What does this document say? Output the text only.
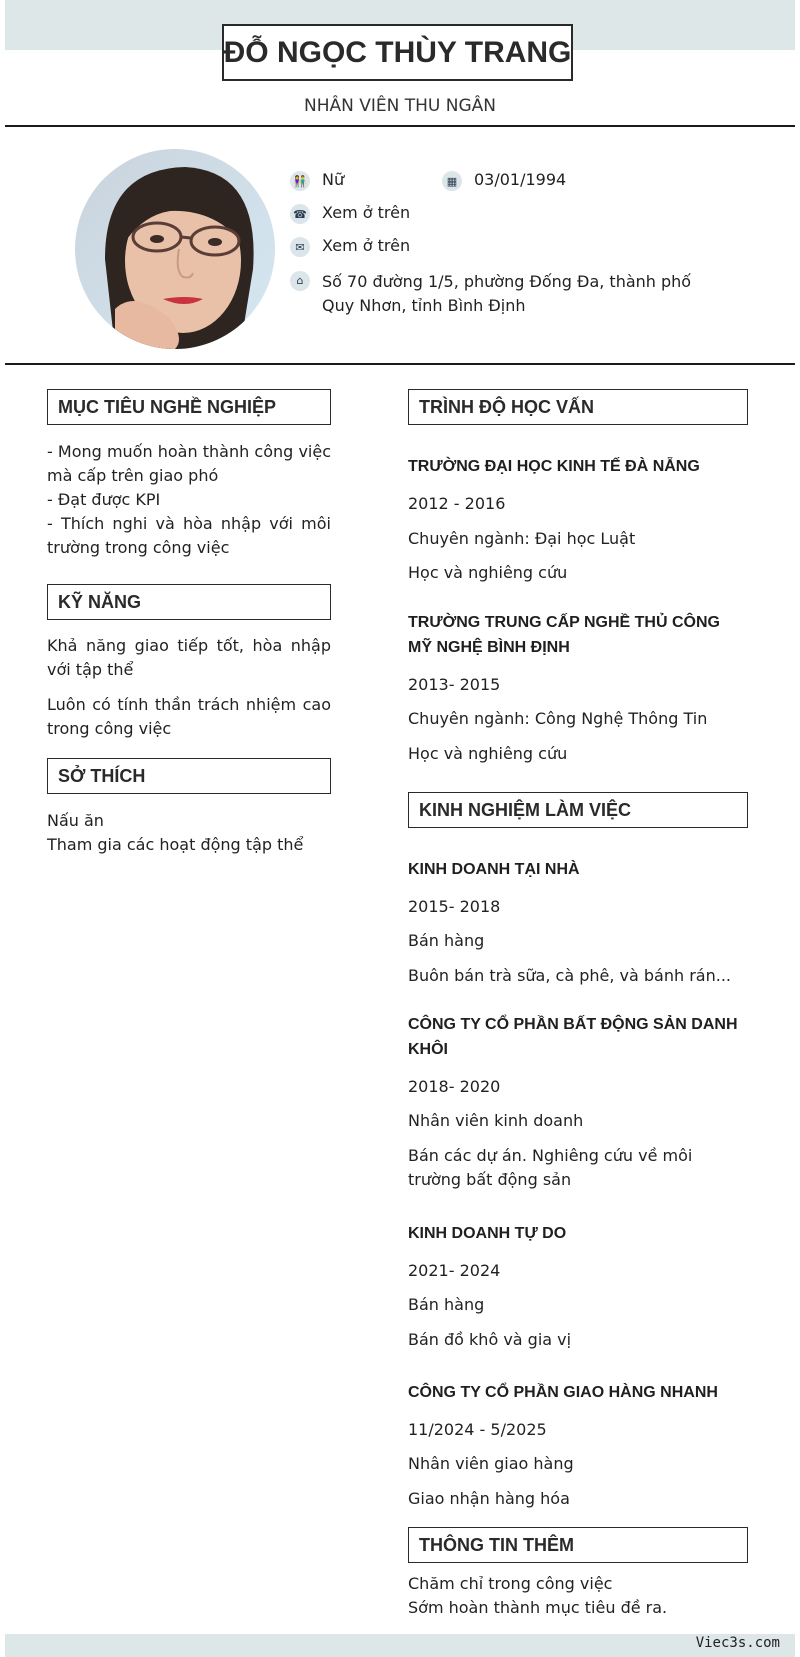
ĐỖ NGỌC THÙY TRANG
NHÂN VIÊN THU NGÂN
👫 Nữ	▦ 03/01/1994
☎ Xem ở trên
✉	Xem ở trên
⌂	Số 70 đường 1/5, phường Đống Đa, thành phố
Quy Nhơn, tỉnh Bình Định
MỤC TIÊU NGHỀ NGHIỆP
- Mong muốn hoàn thành công việc mà cấp trên giao phó
- Đạt được KPI
- Thích nghi và hòa nhập với môi trường trong công việc
KỸ NĂNG
Khả năng giao tiếp tốt, hòa nhập với tập thể
Luôn có tính thần trách nhiệm cao trong công việc
SỞ THÍCH
Nấu ăn
Tham gia các hoạt động tập thể
TRÌNH ĐỘ HỌC VẤN
TRƯỜNG ĐẠI HỌC KINH TẾ ĐÀ NẴNG
2012 - 2016
Chuyên ngành: Đại học Luật
Học và nghiêng cứu
TRƯỜNG TRUNG CẤP NGHỀ THỦ CÔNG MỸ NGHỆ BÌNH ĐỊNH
2013- 2015
Chuyên ngành: Công Nghệ Thông Tin
Học và nghiêng cứu
KINH NGHIỆM LÀM VIỆC
KINH DOANH TẠI NHÀ
2015- 2018
Bán hàng
Buôn bán trà sữa, cà phê, và bánh rán...
CÔNG TY CỔ PHẦN BẤT ĐỘNG SẢN DANH KHÔI
2018- 2020
Nhân viên kinh doanh
Bán các dự án. Nghiêng cứu về môi trường bất động sản
KINH DOANH TỰ DO
2021- 2024
Bán hàng
Bán đồ khô và gia vị
CÔNG TY CỔ PHẦN GIAO HÀNG NHANH
11/2024 - 5/2025
Nhân viên giao hàng
Giao nhận hàng hóa
THÔNG TIN THÊM
Chăm chỉ trong công việc
Sớm hoàn thành mục tiêu đề ra.
Viec3s.com
